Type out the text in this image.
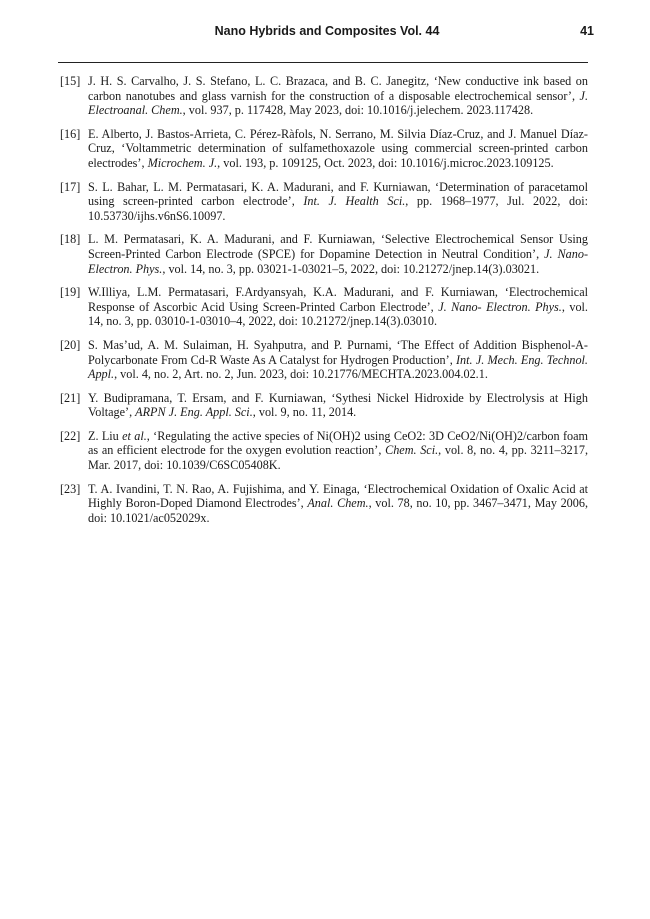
Nano Hybrids and Composites Vol. 44	41
[15] J. H. S. Carvalho, J. S. Stefano, L. C. Brazaca, and B. C. Janegitz, ‘New conductive ink based on carbon nanotubes and glass varnish for the construction of a disposable electrochemical sensor’, J. Electroanal. Chem., vol. 937, p. 117428, May 2023, doi: 10.1016/j.jelechem. 2023.117428.
[16] E. Alberto, J. Bastos-Arrieta, C. Pérez-Ràfols, N. Serrano, M. Silvia Díaz-Cruz, and J. Manuel Díaz-Cruz, ‘Voltammetric determination of sulfamethoxazole using commercial screen-printed carbon electrodes’, Microchem. J., vol. 193, p. 109125, Oct. 2023, doi: 10.1016/j.microc.2023.109125.
[17] S. L. Bahar, L. M. Permatasari, K. A. Madurani, and F. Kurniawan, ‘Determination of paracetamol using screen-printed carbon electrode’, Int. J. Health Sci., pp. 1968–1977, Jul. 2022, doi: 10.53730/ijhs.v6nS6.10097.
[18] L. M. Permatasari, K. A. Madurani, and F. Kurniawan, ‘Selective Electrochemical Sensor Using Screen-Printed Carbon Electrode (SPCE) for Dopamine Detection in Neutral Condition’, J. Nano- Electron. Phys., vol. 14, no. 3, pp. 03021-1-03021–5, 2022, doi: 10.21272/jnep.14(3).03021.
[19] W.Illiya, L.M. Permatasari, F.Ardyansyah, K.A. Madurani, and F. Kurniawan, ‘Electrochemical Response of Ascorbic Acid Using Screen-Printed Carbon Electrode’, J. Nano- Electron. Phys., vol. 14, no. 3, pp. 03010-1-03010–4, 2022, doi: 10.21272/jnep.14(3).03010.
[20] S. Mas’ud, A. M. Sulaiman, H. Syahputra, and P. Purnami, ‘The Effect of Addition Bisphenol-A-Polycarbonate From Cd-R Waste As A Catalyst for Hydrogen Production’, Int. J. Mech. Eng. Technol. Appl., vol. 4, no. 2, Art. no. 2, Jun. 2023, doi: 10.21776/MECHTA.2023.004.02.1.
[21] Y. Budipramana, T. Ersam, and F. Kurniawan, ‘Sythesi Nickel Hidroxide by Electrolysis at High Voltage’, ARPN J. Eng. Appl. Sci., vol. 9, no. 11, 2014.
[22] Z. Liu et al., ‘Regulating the active species of Ni(OH)2 using CeO2: 3D CeO2/Ni(OH)2/carbon foam as an efficient electrode for the oxygen evolution reaction’, Chem. Sci., vol. 8, no. 4, pp. 3211–3217, Mar. 2017, doi: 10.1039/C6SC05408K.
[23] T. A. Ivandini, T. N. Rao, A. Fujishima, and Y. Einaga, ‘Electrochemical Oxidation of Oxalic Acid at Highly Boron-Doped Diamond Electrodes’, Anal. Chem., vol. 78, no. 10, pp. 3467–3471, May 2006, doi: 10.1021/ac052029x.
